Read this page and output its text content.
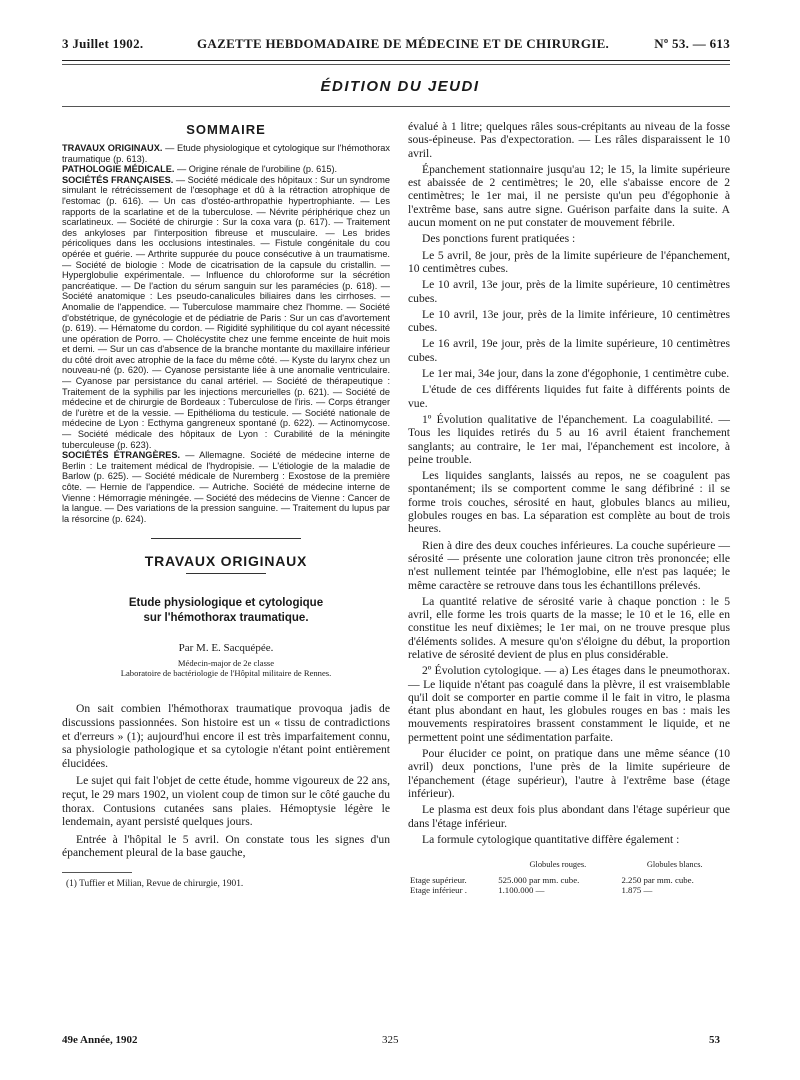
3 Juillet 1902.	GAZETTE HEBDOMADAIRE DE MÉDECINE ET DE CHIRURGIE.	Nº 53. — 613
ÉDITION DU JEUDI
SOMMAIRE

TRAVAUX ORIGINAUX. — Etude physiologique et cytologique sur l'hémothorax traumatique (p. 613).

PATHOLOGIE MÉDICALE. — Origine rénale de l'urobiline (p. 615).

SOCIÉTÉS FRANÇAISES. — Société médicale des hôpitaux : Sur un syndrome simulant le rétrécissement de l'œsophage et dû à la rétraction atrophique de l'estomac (p. 616). — Un cas d'ostéo-arthropathie hypertrophiante. — Les rapports de la scarlatine et de la tuberculose. — Névrite périphérique chez un scarlatineux. — Société de chirurgie : Sur la coxa vara (p. 617). — Traitement des ankyloses par l'interposition fibreuse et musculaire. — Les brides péricoliques dans les occlusions intestinales. — Fistule congénitale du cou opérée et guérie. — Arthrite suppurée du pouce consécutive à un traumatisme. — Société de biologie : Mode de cicatrisation de la capsule du cristallin. — Hyperglobulie expérimentale. — Influence du chloroforme sur la sécrétion pancréatique. — De l'action du sérum sanguin sur les paramécies (p. 618). — Société anatomique : Les pseudo-canalicules biliaires dans les cirrhoses. — Anomalie de l'appendice. — Tuberculose mammaire chez l'homme. — Société d'obstétrique, de gynécologie et de pédiatrie de Paris : Sur un cas d'avortement (p. 619). — Hématome du cordon. — Rigidité syphilitique du col ayant nécessité une opération de Porro. — Cholécystite chez une femme enceinte de huit mois et demi. — Sur un cas d'absence de la branche montante du maxillaire inférieur du côté droit avec atrophie de la face du même côté. — Kyste du larynx chez un nouveau-né (p. 620). — Cyanose persistante liée à une anomalie ventriculaire. — Cyanose par persistance du canal artériel. — Société de thérapeutique : Traitement de la syphilis par les injections mercurielles (p. 621). — Société de médecine et de chirurgie de Bordeaux : Tuberculose de l'iris. — Corps étranger de l'urètre et de la vessie. — Epithélioma du testicule. — Société nationale de médecine de Lyon : Ecthyma gangreneux spontané (p. 622). — Actinomycose. — Société médicale des hôpitaux de Lyon : Curabilité de la méningite tuberculeuse (p. 623).

SOCIÉTÉS ÉTRANGÈRES. — Allemagne. Société de médecine interne de Berlin : Le traitement médical de l'hydropisie. — L'étiologie de la maladie de Barlow (p. 625). — Société médicale de Nuremberg : Exostose de la première côte. — Hernie de l'appendice. — Autriche. Société de médecine interne de Vienne : Hémorragie méningée. — Société des médecins de Vienne : Cancer de la langue. — Des variations de la pression sanguine. — Traitement du lupus par la résorcine (p. 624).

TRAVAUX ORIGINAUX
Etude physiologique et cytologique
sur l'hémothorax traumatique.
Par M. E. Sacquépée.
Médecin-major de 2e classe
Laboratoire de bactériologie de l'Hôpital militaire de Rennes.

On sait combien l'hémothorax traumatique provoqua jadis de discussions passionnées. Son histoire est un « tissu de contradictions et d'erreurs » (1); aujourd'hui encore il est très imparfaitement connu, sa physiologie pathologique et sa cytologie n'étant point entièrement élucidées.

Le sujet qui fait l'objet de cette étude, homme vigoureux de 22 ans, reçut, le 29 mars 1902, un violent coup de timon sur le côté gauche du thorax. Contusions cutanées sans plaies. Hémoptysie légère le lendemain, ayant persisté quelques jours.

Entrée à l'hôpital le 5 avril. On constate tous les signes d'un épanchement pleural de la base gauche,

(1) Tuffier et Milian, Revue de chirurgie, 1901.

évalué à 1 litre; quelques râles sous-crépitants au niveau de la fosse sous-épineuse. Pas d'expectoration. — Les râles disparaissent le 10 avril.

Épanchement stationnaire jusqu'au 12; le 15, la limite supérieure est abaissée de 2 centimètres; le 20, elle s'abaisse encore de 2 centimètres; le 1er mai, il ne persiste qu'un peu d'égophonie à l'extrême base, sans autre signe. Guérison parfaite dans la suite. A aucun moment on ne put constater de mouvement fébrile.

Des ponctions furent pratiquées :

Le 5 avril, 8e jour, près de la limite supérieure de l'épanchement, 10 centimètres cubes.

Le 10 avril, 13e jour, près de la limite supérieure, 10 centimètres cubes.

Le 10 avril, 13e jour, près de la limite inférieure, 10 centimètres cubes.

Le 16 avril, 19e jour, près de la limite supérieure, 10 centimètres cubes.

Le 1er mai, 34e jour, dans la zone d'égophonie, 1 centimètre cube.

L'étude de ces différents liquides fut faite à différents points de vue.

1º Évolution qualitative de l'épanchement. La coagulabilité. — Tous les liquides retirés du 5 au 16 avril étaient franchement sanglants; au contraire, le 1er mai, l'épanchement est incolore, à peine trouble.

Les liquides sanglants, laissés au repos, ne se coagulent pas spontanément; ils se comportent comme le sang défibriné : il se forme trois couches, sérosité en haut, globules blancs au milieu, globules rouges en bas. La séparation est complète au bout de trois heures.

Rien à dire des deux couches inférieures. La couche supérieure — sérosité — présente une coloration jaune citron très prononcée; elle n'est nullement teintée par l'hémoglobine, elle n'est pas laquée; le même caractère se retrouve dans tous les échantillons prélevés.

La quantité relative de sérosité varie à chaque ponction : le 5 avril, elle forme les trois quarts de la masse; le 10 et le 16, elle en constitue les neuf dixièmes; le 1er mai, on ne trouve presque plus d'éléments solides. A mesure qu'on s'éloigne du début, la proportion relative de sérosité devient de plus en plus considérable.

2º Évolution cytologique. — a) Les étages dans le pneumothorax. — Le liquide n'étant pas coagulé dans la plèvre, il est vraisemblable qu'il doit se comporter en partie comme il le fait in vitro, le plasma étant plus abondant en haut, les globules rouges en bas : mais les mouvements respiratoires brassent constamment le liquide, et ne permettent point une sédimentation parfaite.

Pour élucider ce point, on pratique dans une même séance (10 avril) deux ponctions, l'une près de la limite supérieure de l'épanchement (étage supérieur), l'autre à l'extrême base (étage inférieur).

Le plasma est deux fois plus abondant dans l'étage supérieur que dans l'étage inférieur.

La formule cytologique quantitative diffère également :

	Globules rouges.	Globules blancs.
Etage supérieur.	525.000 par mm. cube.	2.250 par mm. cube.
Etage inférieur .	1.100.000 —	1.875 —
49e Année, 1902	325	53
